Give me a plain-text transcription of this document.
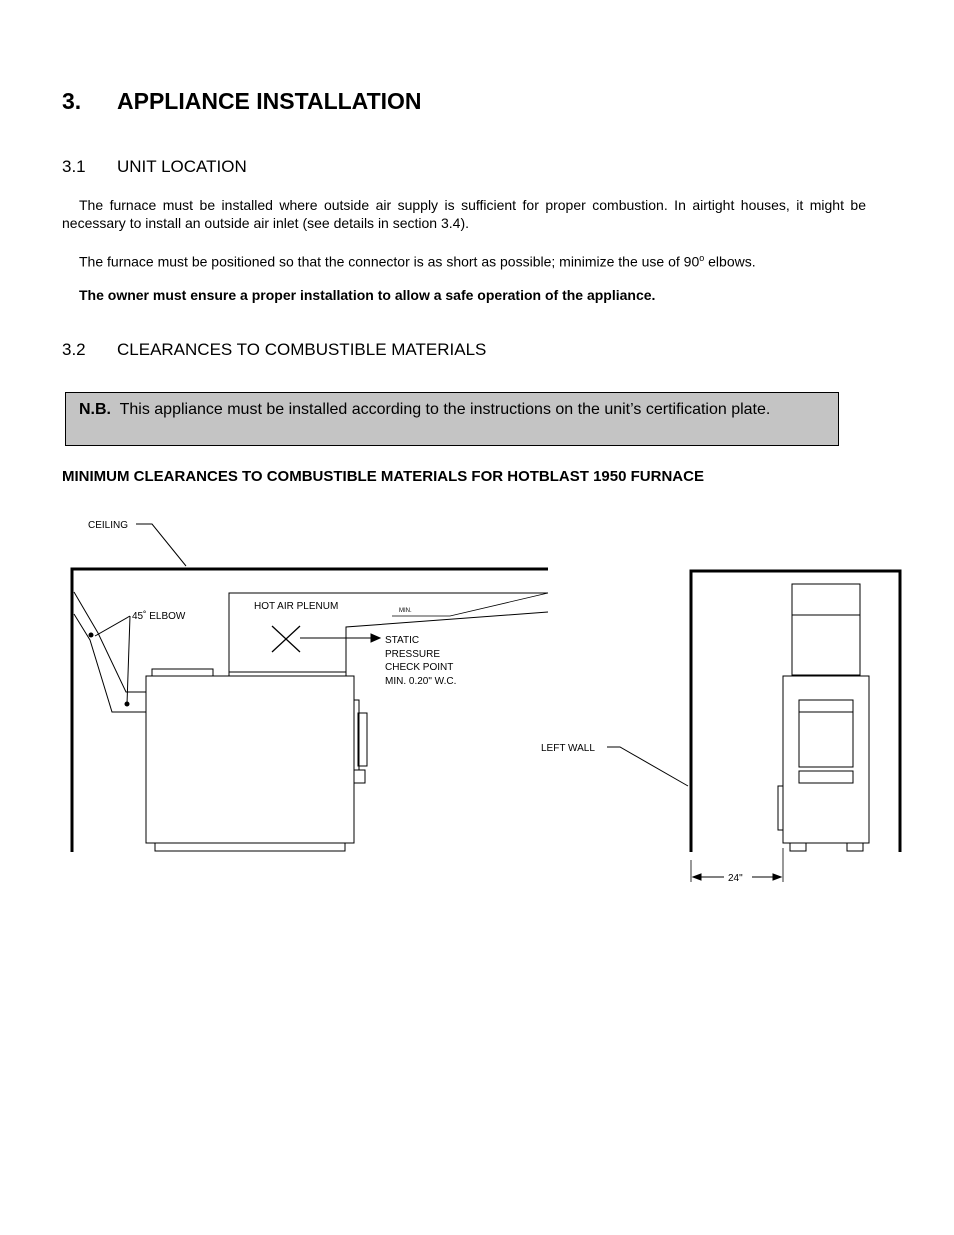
3. APPLIANCE INSTALLATION
3.1 UNIT LOCATION
The furnace must be installed where outside air supply is sufficient for proper combustion. In airtight houses, it might be necessary to install an outside air inlet (see details in section 3.4).
The furnace must be positioned so that the connector is as short as possible; minimize the use of 90$^o$ elbows.
The owner must ensure a proper installation to allow a safe operation of the appliance.
3.2 CLEARANCES TO COMBUSTIBLE MATERIALS
N.B. This appliance must be installed according to the instructions on the unit’s certification plate.
MINIMUM CLEARANCES TO COMBUSTIBLE MATERIALS FOR HOTBLAST 1950 FURNACE
CEILING
45˚ ELBOW
HOT AIR PLENUM	MIN.
STATIC
PRESSURE
CHECK POINT
MIN. 0.20" W.C.
LEFT WALL
24"
